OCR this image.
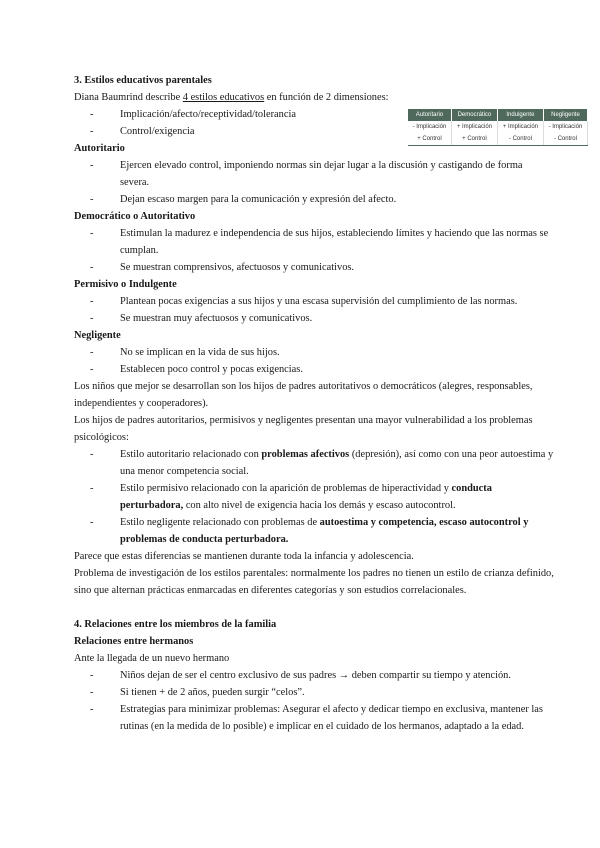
Autoritario	Democrático	Indulgente	Negligente
- Implicación	+ Implicación	+ Implicación	- Implicación
+ Control	+ Control	- Control	- Control
3. Estilos educativos parentales
Diana Baumrind describe 4 estilos educativos en función de 2 dimensiones:
-	Implicación/afecto/receptividad/tolerancia
-	Control/exigencia
Autoritario
-	Ejercen elevado control, imponiendo normas sin dejar lugar a la discusión y castigando de forma severa.
-	Dejan escaso margen para la comunicación y expresión del afecto.
Democrático o Autoritativo
-	Estimulan la madurez e independencia de sus hijos, estableciendo límites y haciendo que las normas se cumplan.
-	Se muestran comprensivos, afectuosos y comunicativos.
Permisivo o Indulgente
-	Plantean pocas exigencias a sus hijos y una escasa supervisión del cumplimiento de las normas.
-	Se muestran muy afectuosos y comunicativos.
Negligente
-	No se implican en la vida de sus hijos.
-	Establecen poco control y pocas exigencias.
Los niños que mejor se desarrollan son los hijos de padres autoritativos o democráticos (alegres, responsables, independientes y cooperadores).
Los hijos de padres autoritarios, permisivos y negligentes presentan una mayor vulnerabilidad a los problemas psicológicos:
-	Estilo autoritario relacionado con problemas afectivos (depresión), así como con una peor autoestima y una menor competencia social.
-	Estilo permisivo relacionado con la aparición de problemas de hiperactividad y conducta perturbadora, con alto nivel de exigencia hacia los demás y escaso autocontrol.
-	Estilo negligente relacionado con problemas de autoestima y competencia, escaso autocontrol y problemas de conducta perturbadora.
Parece que estas diferencias se mantienen durante toda la infancia y adolescencia.
Problema de investigación de los estilos parentales: normalmente los padres no tienen un estilo de crianza definido, sino que alternan prácticas enmarcadas en diferentes categorías y son estudios correlacionales.
4. Relaciones entre los miembros de la familia
Relaciones entre hermanos
Ante la llegada de un nuevo hermano
-	Niños dejan de ser el centro exclusivo de sus padres → deben compartir su tiempo y atención.
-	Si tienen + de 2 años, pueden surgir “celos”.
-	Estrategias para minimizar problemas: Asegurar el afecto y dedicar tiempo en exclusiva, mantener las rutinas (en la medida de lo posible) e implicar en el cuidado de los hermanos, adaptado a la edad.
